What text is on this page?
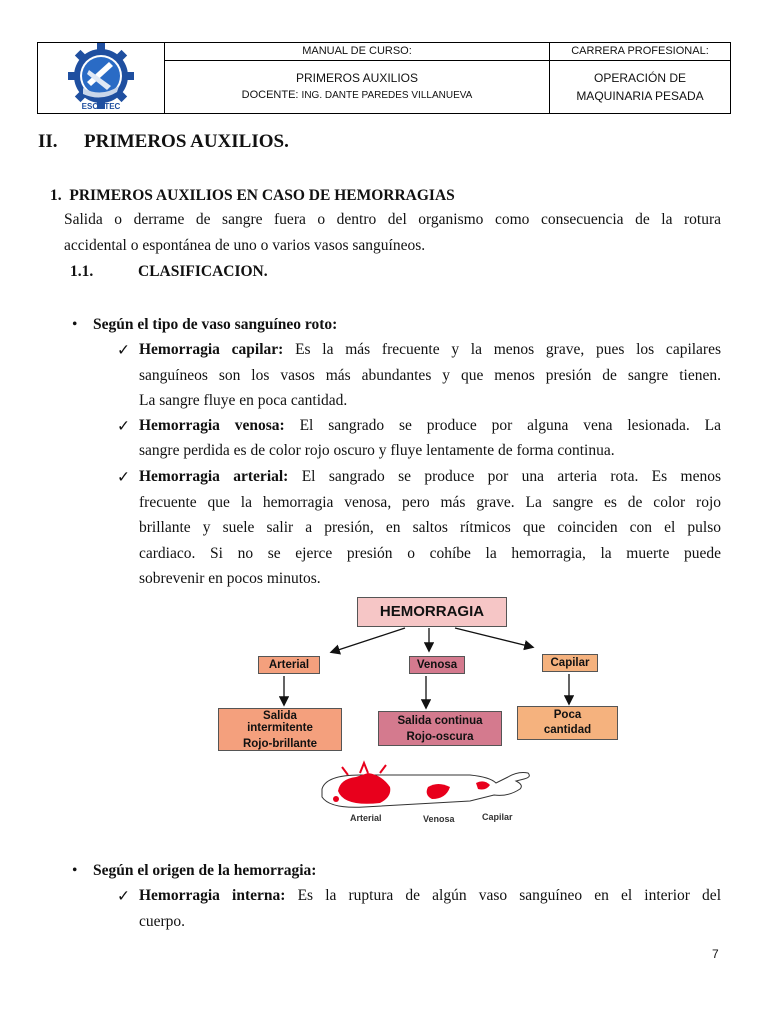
ESCOTEC
MANUAL DE CURSO:	CARRERA PROFESIONAL:
PRIMEROS AUXILIOS
DOCENTE: ING. DANTE PAREDES VILLANUEVA
OPERACIÓN DE
MAQUINARIA PESADA
II. PRIMEROS AUXILIOS.
1. PRIMEROS AUXILIOS EN CASO DE HEMORRAGIAS
Salida o derrame de sangre fuera o dentro del organismo como consecuencia de la rotura
accidental o espontánea de uno o varios vasos sanguíneos.
1.1.	CLASIFICACION.
• Según el tipo de vaso sanguíneo roto:
✓ Hemorragia capilar: Es la más frecuente y la menos grave, pues los capilares
sanguíneos son los vasos más abundantes y que menos presión de sangre tienen.
La sangre fluye en poca cantidad.
✓ Hemorragia venosa: El sangrado se produce por alguna vena lesionada. La
sangre perdida es de color rojo oscuro y fluye lentamente de forma continua.
✓ Hemorragia arterial: El sangrado se produce por una arteria rota. Es menos
frecuente que la hemorragia venosa, pero más grave. La sangre es de color rojo
brillante y suele salir a presión, en saltos rítmicos que coinciden con el pulso
cardiaco. Si no se ejerce presión o cohíbe la hemorragia, la muerte puede
sobrevenir en pocos minutos.
HEMORRAGIA
Arterial	Venosa	Capilar
Salida
intermitente
Rojo-brillante
Salida continua
Rojo-oscura
Poca
cantidad
Arterial	Venosa	Capilar
• Según el origen de la hemorragia:
✓ Hemorragia interna: Es la ruptura de algún vaso sanguíneo en el interior del
cuerpo.
7
